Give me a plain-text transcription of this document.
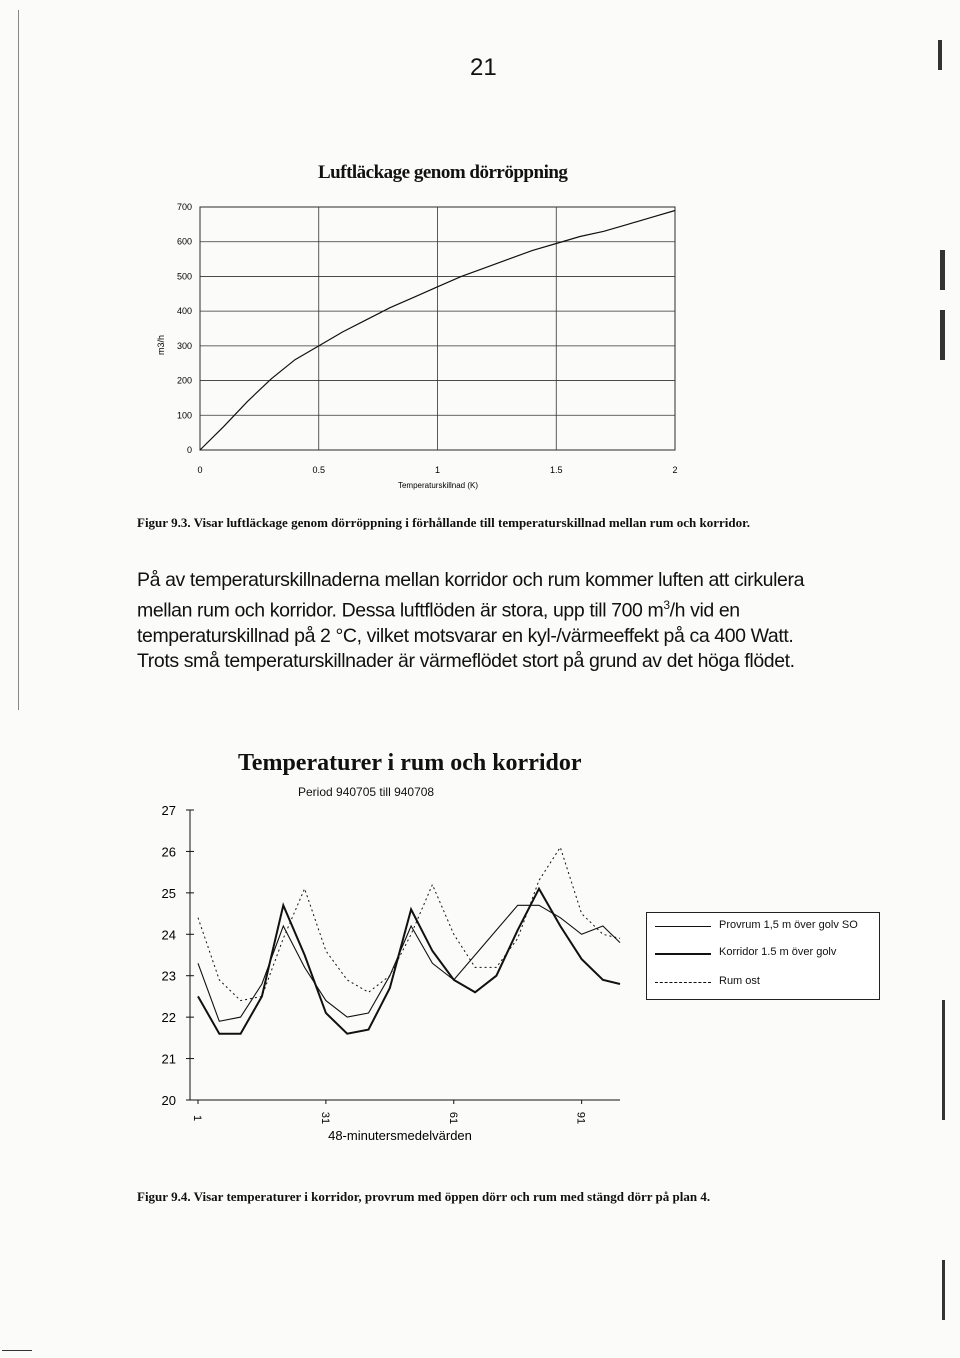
21
Luftläckage genom dörröppning
700
600
500
400
300
200
100
0
0	0.5	1	1.5	2
m3/h
Temperaturskillnad (K)
Figur 9.3. Visar luftläckage genom dörröppning i förhållande till temperaturskillnad mellan rum och korridor.
På av temperaturskillnaderna mellan korridor och rum kommer luften att cirkulera mellan rum och korridor. Dessa luftflöden är stora, upp till 700 $m^3/h$ vid en temperaturskillnad på 2 °C, vilket motsvarar en kyl-/värmeeffekt på ca 400 Watt. Trots små temperaturskillnader är värmeflödet stort på grund av det höga flödet.
Temperaturer i rum och korridor
Period 940705 till 940708
27
26
25
24
23
22
21
20
1	31	61	91
48-minutersmedelvärden
Provrum 1,5 m över golv SO
Korridor 1.5 m över golv
Rum ost
Figur 9.4. Visar temperaturer i korridor, provrum med öppen dörr och rum med stängd dörr på plan 4.
